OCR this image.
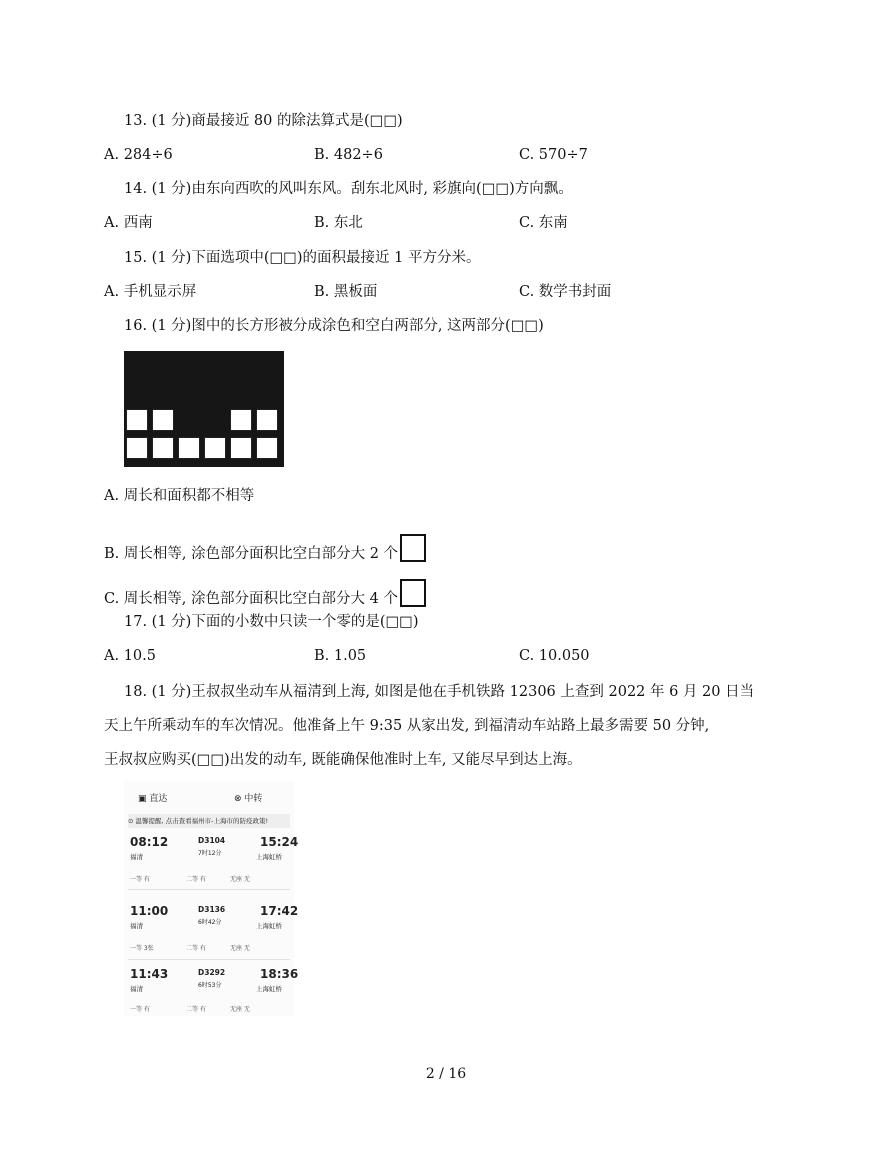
13. (1 分)商最接近 80 的除法算式是(□□)
A. 284÷6	B. 482÷6	C. 570÷7
14. (1 分)由东向西吹的风叫东风。刮东北风时, 彩旗向(□□)方向飘。
A. 西南	B. 东北	C. 东南
15. (1 分)下面选项中(□□)的面积最接近 1 平方分米。
A. 手机显示屏	B. 黑板面	C. 数学书封面
16. (1 分)图中的长方形被分成涂色和空白两部分, 这两部分(□□)
A. 周长和面积都不相等
B. 周长相等, 涂色部分面积比空白部分大 2 个
C. 周长相等, 涂色部分面积比空白部分大 4 个
17. (1 分)下面的小数中只读一个零的是(□□)
A. 10.5	B. 1.05	C. 10.050
18. (1 分)王叔叔坐动车从福清到上海, 如图是他在手机铁路 12306 上查到 2022 年 6 月 20 日当
天上午所乘动车的车次情况。他准备上午 9:35 从家出发, 到福清动车站路上最多需要 50 分钟,
王叔叔应购买(□□)出发的动车, 既能确保他准时上车, 又能尽早到达上海。
▣ 直达	⊗ 中转
⊙ 温馨提醒, 点击查看福州市-上海市的防疫政策!
08:12
福清
D3104
7时12分
15:24
上海虹桥
一等 有	二等 有	无座 无
11:00
福清
D3136
6时42分
17:42
上海虹桥
一等 3张	二等 有	无座 无
11:43
福清
D3292
6时53分
18:36
上海虹桥
一等 有	二等 有	无座 无
2 / 16
